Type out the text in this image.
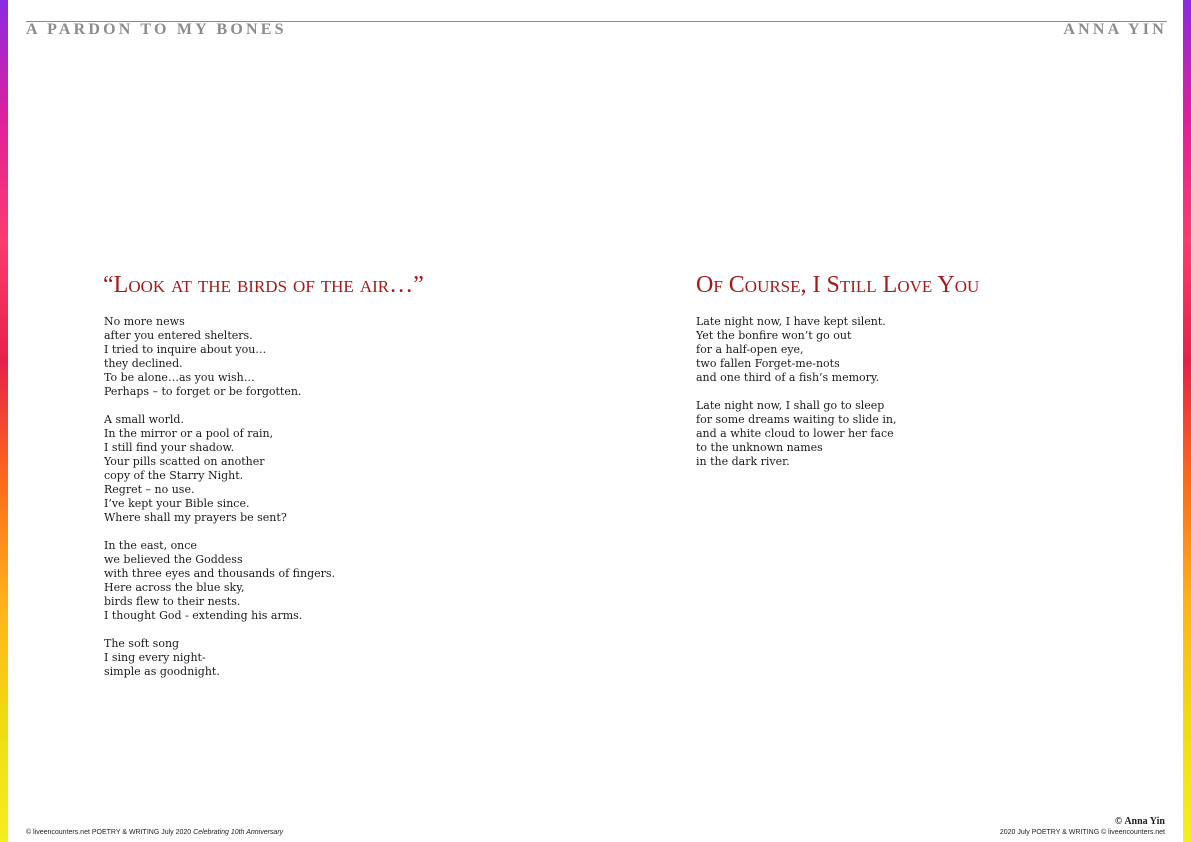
A PARDON TO MY BONES	ANNA YIN
“Look at the birds of the air…”

No more news
after you entered shelters.
I tried to inquire about you…
they declined.
To be alone…as you wish…
Perhaps – to forget or be forgotten.

A small world.
In the mirror or a pool of rain,
I still find your shadow.
Your pills scatted on another
copy of the Starry Night.
Regret – no use.
I’ve kept your Bible since.
Where shall my prayers be sent?

In the east, once
we believed the Goddess
with three eyes and thousands of fingers.
Here across the blue sky,
birds flew to their nests.
I thought God - extending his arms.

The soft song
I sing every night-
simple as goodnight.

Of Course, I Still Love You

Late night now, I have kept silent.
Yet the bonfire won’t go out
for a half-open eye,
two fallen Forget-me-nots
and one third of a fish’s memory.

Late night now, I shall go to sleep
for some dreams waiting to slide in,
and a white cloud to lower her face
to the unknown names
in the dark river.

© liveencounters.net POETRY & WRITING July 2020 Celebrating 10th Anniversary
© Anna Yin
2020 July POETRY & WRITING © liveencounters.net
